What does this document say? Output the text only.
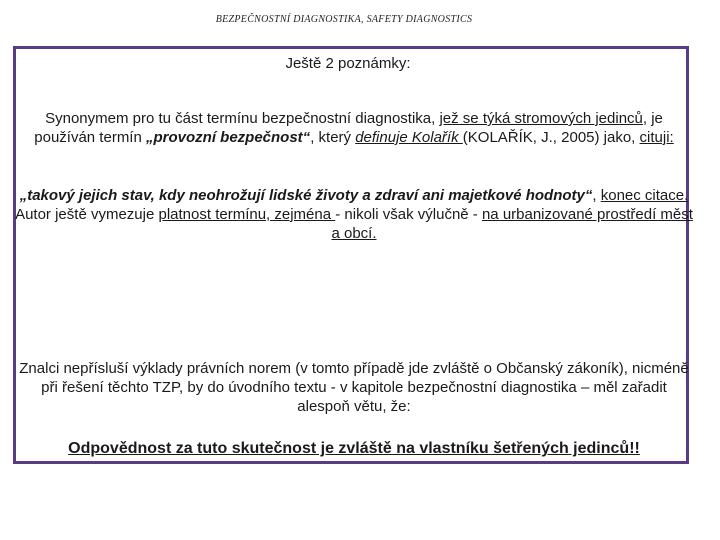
BEZPEČNOSTNÍ DIAGNOSTIKA, SAFETY DIAGNOSTICS

Ještě 2 poznámky:

Synonymem pro tu část termínu bezpečnostní diagnostika, jež se týká stromových jedinců, je používán termín „provozní bezpečnost“, který definuje Kolařík (KOLAŘÍK, J., 2005) jako, cituji:

„takový jejich stav, kdy neohrožují lidské životy a zdraví ani majetkové hodnoty“, konec citace.
Autor ještě vymezuje platnost termínu, zejména - nikoli však výlučně - na urbanizované prostředí měst a obcí.

Znalci nepřísluší výklady právních norem (v tomto případě jde zvláště o Občanský zákoník), nicméně při řešení těchto TZP, by do úvodního textu - v kapitole bezpečnostní diagnostika – měl zařadit alespoň větu, že:

Odpovědnost za tuto skutečnost je zvláště na vlastníku šetřených jedinců!!
